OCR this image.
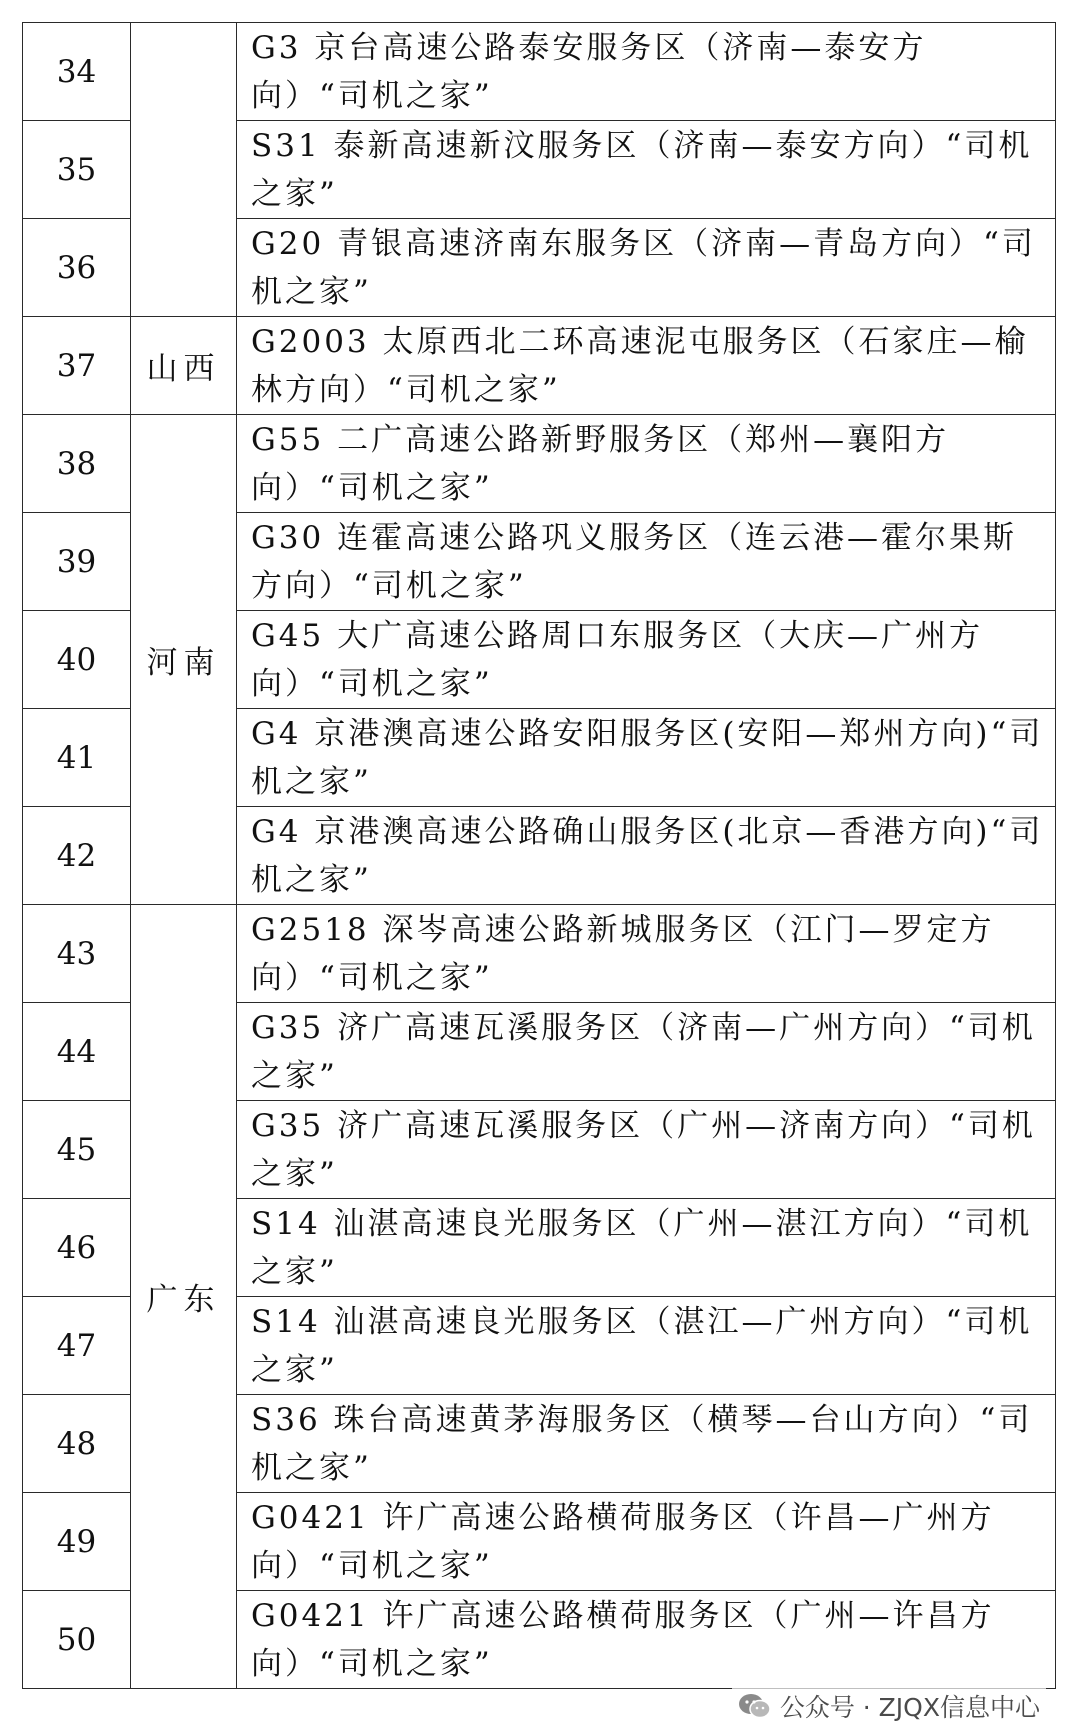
34		G3 京台高速公路泰安服务区（济南—泰安方向）“司机之家”
35		S31 泰新高速新汶服务区（济南—泰安方向）“司机之家”
36		G20 青银高速济南东服务区（济南—青岛方向）“司机之家”
37	山西	G2003 太原西北二环高速泥屯服务区（石家庄—榆林方向）“司机之家”
38	河南	G55 二广高速公路新野服务区（郑州—襄阳方向）“司机之家”
39		G30 连霍高速公路巩义服务区（连云港—霍尔果斯方向）“司机之家”
40		G45 大广高速公路周口东服务区（大庆—广州方向）“司机之家”
41		G4 京港澳高速公路安阳服务区(安阳—郑州方向)“司机之家”
42		G4 京港澳高速公路确山服务区(北京—香港方向)“司机之家”
43	广东	G2518 深岑高速公路新城服务区（江门—罗定方向）“司机之家”
44		G35 济广高速瓦溪服务区（济南—广州方向）“司机之家”
45		G35 济广高速瓦溪服务区（广州—济南方向）“司机之家”
46		S14 汕湛高速良光服务区（广州—湛江方向）“司机之家”
47		S14 汕湛高速良光服务区（湛江—广州方向）“司机之家”
48		S36 珠台高速黄茅海服务区（横琴—台山方向）“司机之家”
49		G0421 许广高速公路横荷服务区（许昌—广州方向）“司机之家”
50		G0421 许广高速公路横荷服务区（广州—许昌方向）“司机之家”
公众号 · ZJQX信息中心
